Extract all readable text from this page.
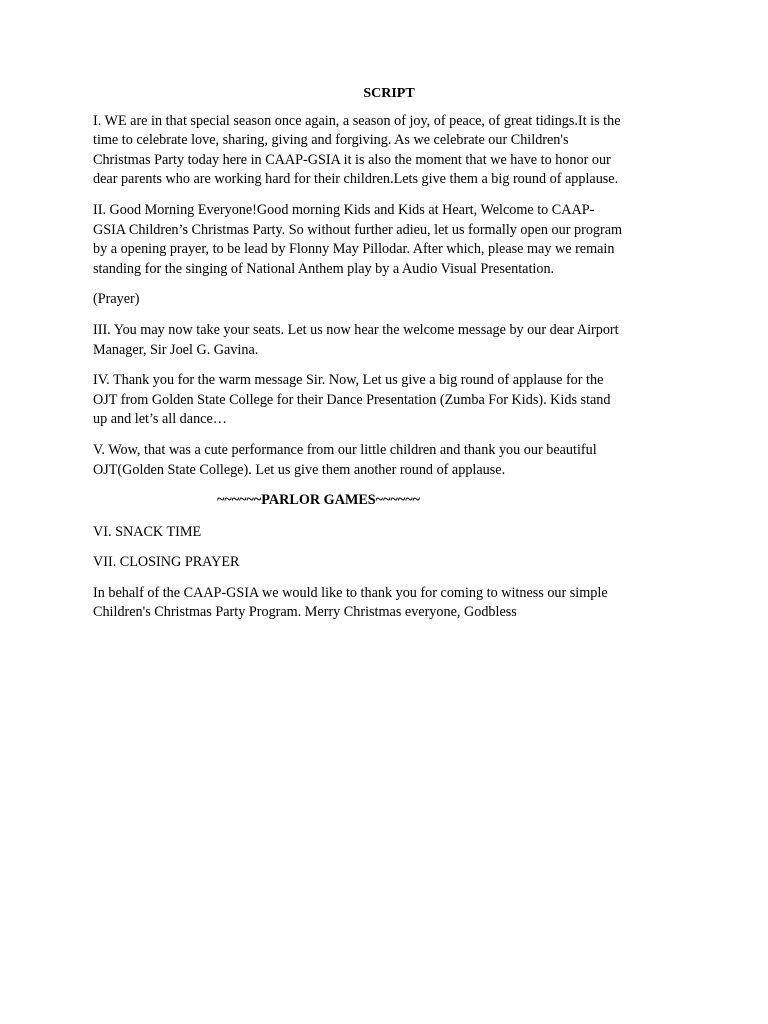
SCRIPT

I. WE are in that special season once again, a season of joy, of peace, of great tidings.It is the
time to celebrate love, sharing, giving and forgiving. As we celebrate our Children's
Christmas Party today here in CAAP-GSIA it is also the moment that we have to honor our
dear parents who are working hard for their children.Lets give them a big round of applause.

II. Good Morning Everyone!Good morning Kids and Kids at Heart, Welcome to CAAP-
GSIA Children’s Christmas Party. So without further adieu, let us formally open our program
by a opening prayer, to be lead by Flonny May Pillodar. After which, please may we remain
standing for the singing of National Anthem play by a Audio Visual Presentation.

(Prayer)

III. You may now take your seats. Let us now hear the welcome message by our dear Airport
Manager, Sir Joel G. Gavina.

IV. Thank you for the warm message Sir. Now, Let us give a big round of applause for the
OJT from Golden State College for their Dance Presentation (Zumba For Kids). Kids stand
up and let’s all dance…

V. Wow, that was a cute performance from our little children and thank you our beautiful
OJT(Golden State College). Let us give them another round of applause.

~~~~~~PARLOR GAMES~~~~~~

VI. SNACK TIME

VII. CLOSING PRAYER

In behalf of the CAAP-GSIA we would like to thank you for coming to witness our simple
Children's Christmas Party Program. Merry Christmas everyone, Godbless
